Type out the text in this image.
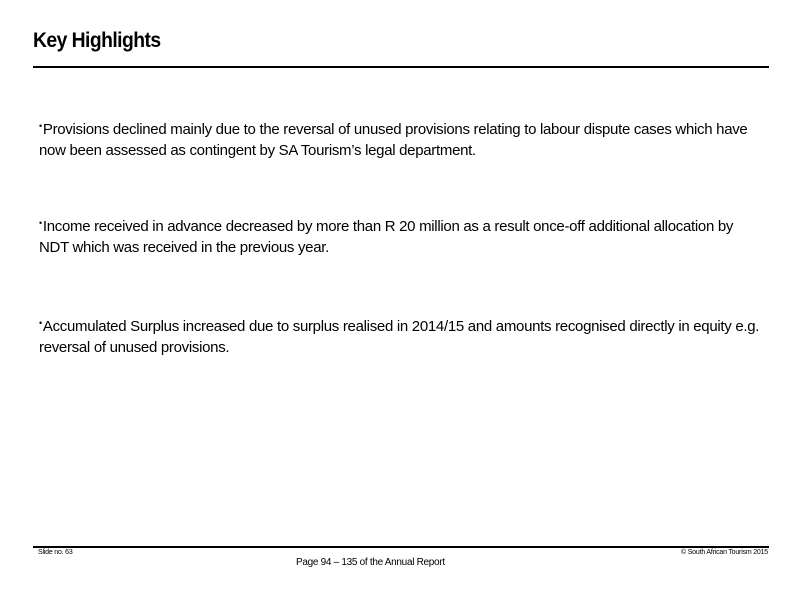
Key Highlights
•Provisions declined mainly due to the reversal of unused provisions relating to labour dispute cases which have now been assessed as contingent by SA Tourism’s legal department.
•Income received in advance decreased by more than R 20 million as a result once-off additional allocation by NDT which was received in the previous year.
•Accumulated Surplus increased due to surplus realised in 2014/15 and amounts recognised directly in equity e.g. reversal of unused provisions.
Slide no. 63	© South African Tourism 2015
Page 94 – 135 of the Annual Report
